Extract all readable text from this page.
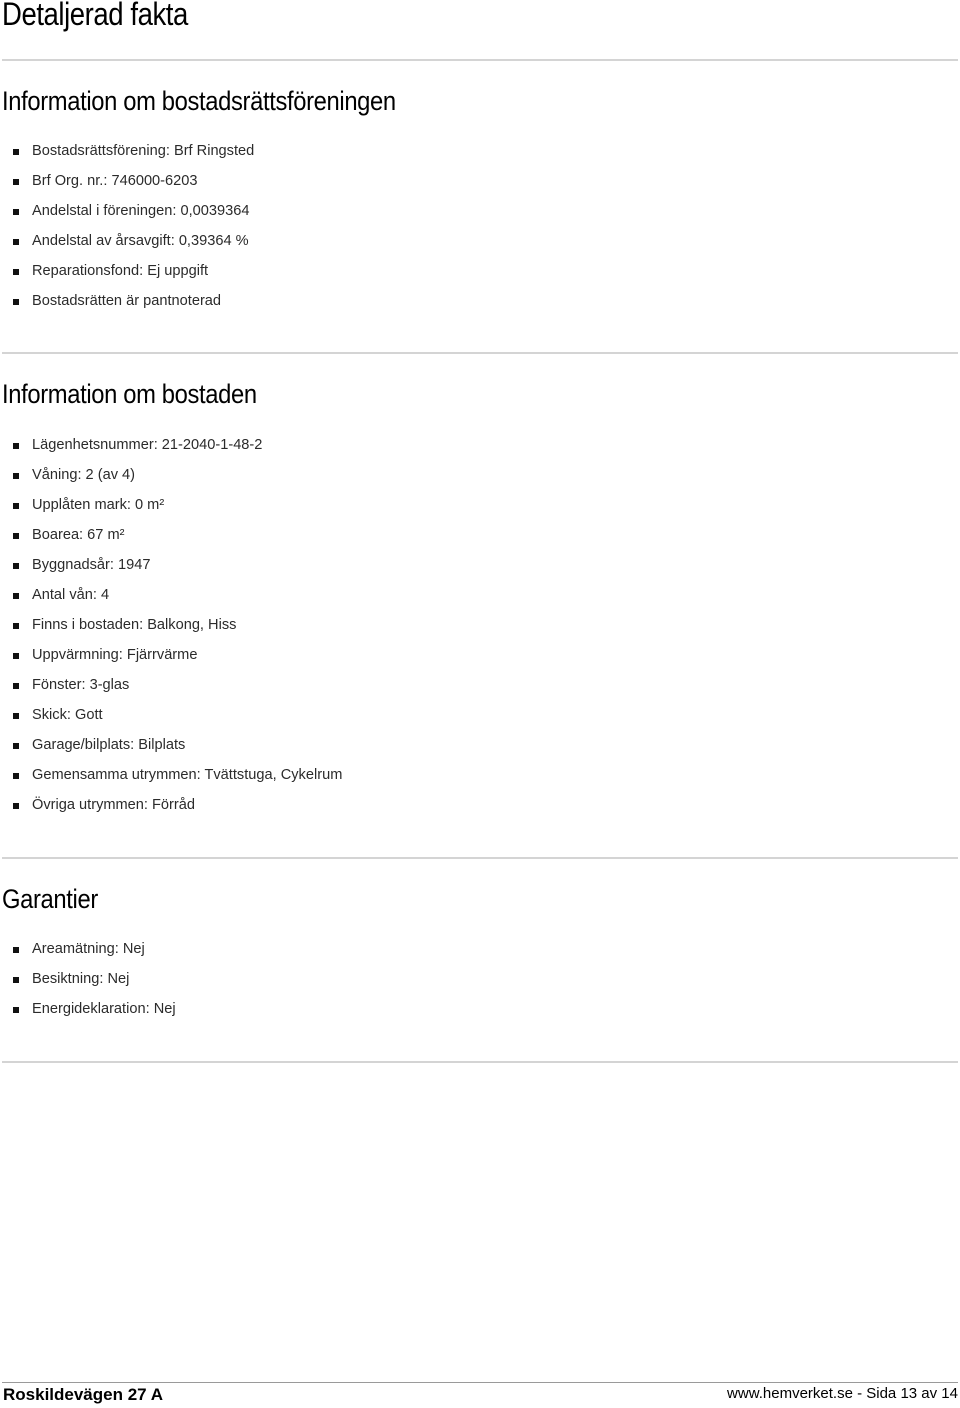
Detaljerad fakta
Information om bostadsrättsföreningen
Bostadsrättsförening: Brf Ringsted
Brf Org. nr.: 746000-6203
Andelstal i föreningen: 0,0039364
Andelstal av årsavgift: 0,39364 %
Reparationsfond: Ej uppgift
Bostadsrätten är pantnoterad
Information om bostaden
Lägenhetsnummer: 21-2040-1-48-2
Våning: 2 (av 4)
Upplåten mark: 0 m²
Boarea: 67 m²
Byggnadsår: 1947
Antal vån: 4
Finns i bostaden: Balkong, Hiss
Uppvärmning: Fjärrvärme
Fönster: 3-glas
Skick: Gott
Garage/bilplats: Bilplats
Gemensamma utrymmen: Tvättstuga, Cykelrum
Övriga utrymmen: Förråd
Garantier
Areamätning: Nej
Besiktning: Nej
Energideklaration: Nej
Roskildevägen 27 A	www.hemverket.se - Sida 13 av 14
